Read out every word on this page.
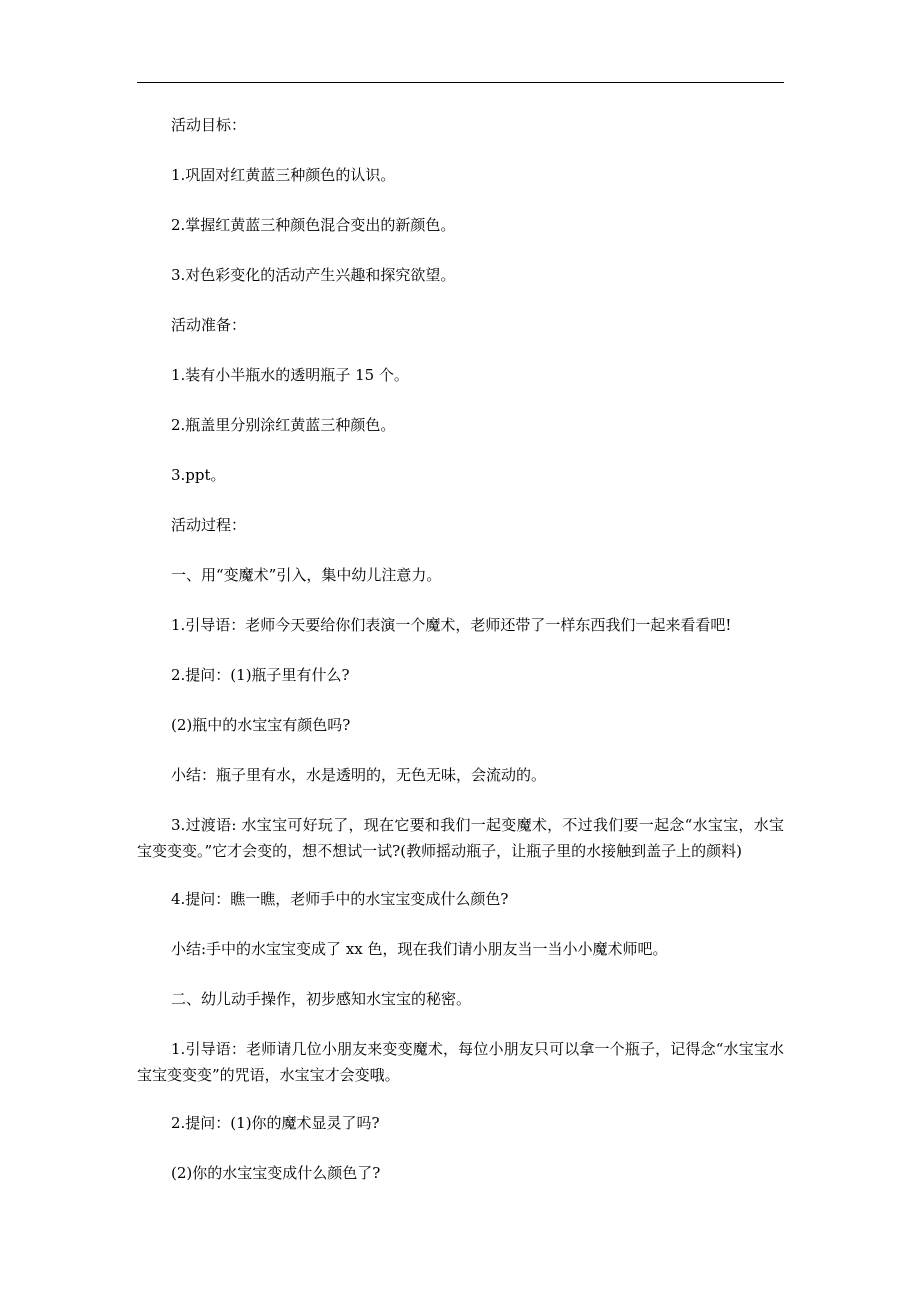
活动目标：

1.巩固对红黄蓝三种颜色的认识。

2.掌握红黄蓝三种颜色混合变出的新颜色。

3.对色彩变化的活动产生兴趣和探究欲望。

活动准备：

1.装有小半瓶水的透明瓶子 15 个。

2.瓶盖里分别涂红黄蓝三种颜色。

3.ppt。

活动过程：

一、用“变魔术”引入，集中幼儿注意力。

1.引导语：老师今天要给你们表演一个魔术，老师还带了一样东西我们一起来看看吧!

2.提问：(1)瓶子里有什么?

(2)瓶中的水宝宝有颜色吗?

小结：瓶子里有水，水是透明的，无色无味，会流动的。

3.过渡语: 水宝宝可好玩了，现在它要和我们一起变魔术，不过我们要一起念“水宝宝，水宝宝变变变。”它才会变的，想不想试一试?(教师摇动瓶子，让瓶子里的水接触到盖子上的颜料)

4.提问：瞧一瞧，老师手中的水宝宝变成什么颜色?

小结:手中的水宝宝变成了 xx 色，现在我们请小朋友当一当小小魔术师吧。

二、幼儿动手操作，初步感知水宝宝的秘密。

1.引导语：老师请几位小朋友来变变魔术，每位小朋友只可以拿一个瓶子，记得念“水宝宝水宝宝变变变”的咒语，水宝宝才会变哦。

2.提问：(1)你的魔术显灵了吗?

(2)你的水宝宝变成什么颜色了?
